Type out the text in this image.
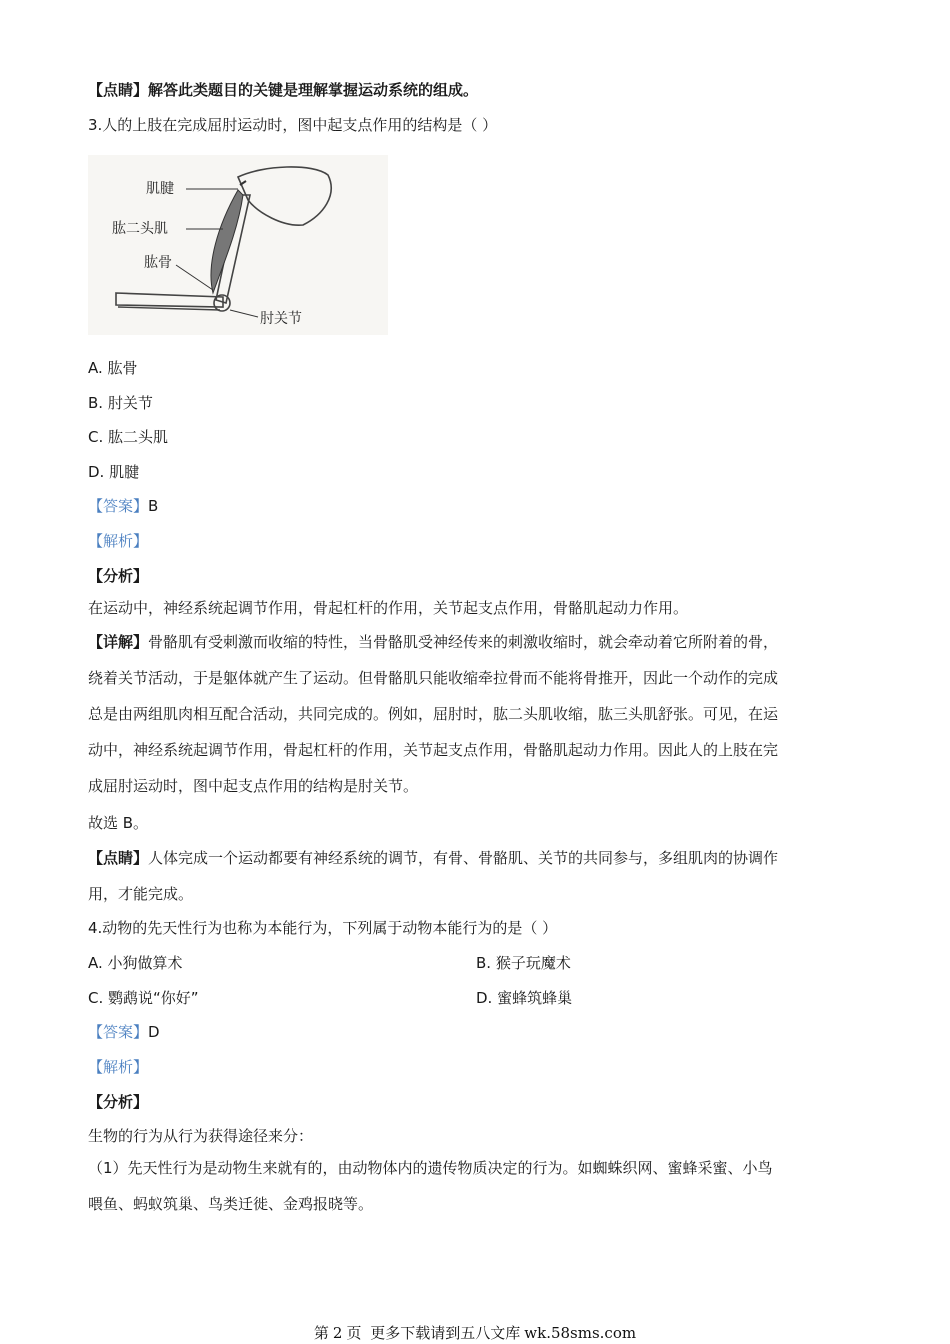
【点睛】解答此类题目的关键是理解掌握运动系统的组成。
3.人的上肢在完成屈肘运动时，图中起支点作用的结构是（ ）
肌腱
肱二头肌
肱骨
肘关节
A. 肱骨
B. 肘关节
C. 肱二头肌
D. 肌腱
【答案】B
【解析】
【分析】
在运动中，神经系统起调节作用，骨起杠杆的作用，关节起支点作用，骨骼肌起动力作用。
【详解】骨骼肌有受刺激而收缩的特性，当骨骼肌受神经传来的刺激收缩时，就会牵动着它所附着的骨，
绕着关节活动，于是躯体就产生了运动。但骨骼肌只能收缩牵拉骨而不能将骨推开，因此一个动作的完成
总是由两组肌肉相互配合活动，共同完成的。例如，屈肘时，肱二头肌收缩，肱三头肌舒张。可见，在运
动中，神经系统起调节作用，骨起杠杆的作用，关节起支点作用，骨骼肌起动力作用。因此人的上肢在完
成屈肘运动时，图中起支点作用的结构是肘关节。
故选 B。
【点睛】人体完成一个运动都要有神经系统的调节，有骨、骨骼肌、关节的共同参与，多组肌肉的协调作
用，才能完成。
4.动物的先天性行为也称为本能行为，下列属于动物本能行为的是（ ）
A. 小狗做算术	B. 猴子玩魔术
C. 鹦鹉说“你好”	D. 蜜蜂筑蜂巢
【答案】D
【解析】
【分析】
生物的行为从行为获得途径来分：
（1）先天性行为是动物生来就有的，由动物体内的遗传物质决定的行为。如蜘蛛织网、蜜蜂采蜜、小鸟
喂鱼、蚂蚁筑巢、鸟类迁徙、金鸡报晓等。
第 2 页 更多下载请到五八文库 wk.58sms.com
